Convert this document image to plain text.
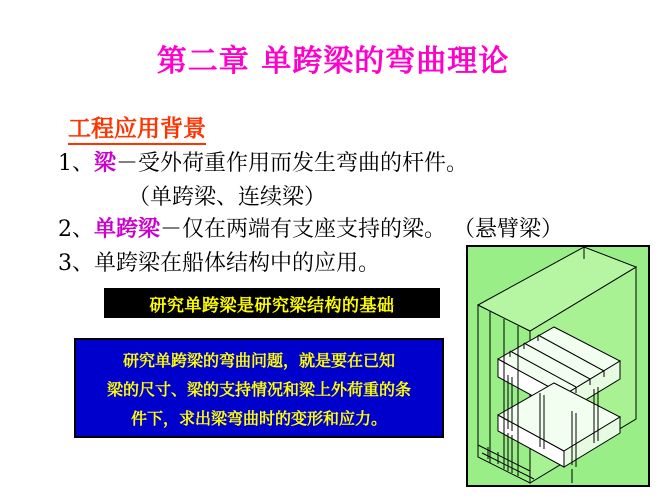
第二章 单跨梁的弯曲理论
工程应用背景
1、梁－受外荷重作用而发生弯曲的杆件。
（单跨梁、连续梁）
2、单跨梁－仅在两端有支座支持的梁。 （悬臂梁）
3、单跨梁在船体结构中的应用。
研究单跨梁是研究梁结构的基础

研究单跨梁的弯曲问题，就是要在已知

梁的尺寸、梁的支持情况和梁上外荷重的条

件下，求出梁弯曲时的变形和应力。
